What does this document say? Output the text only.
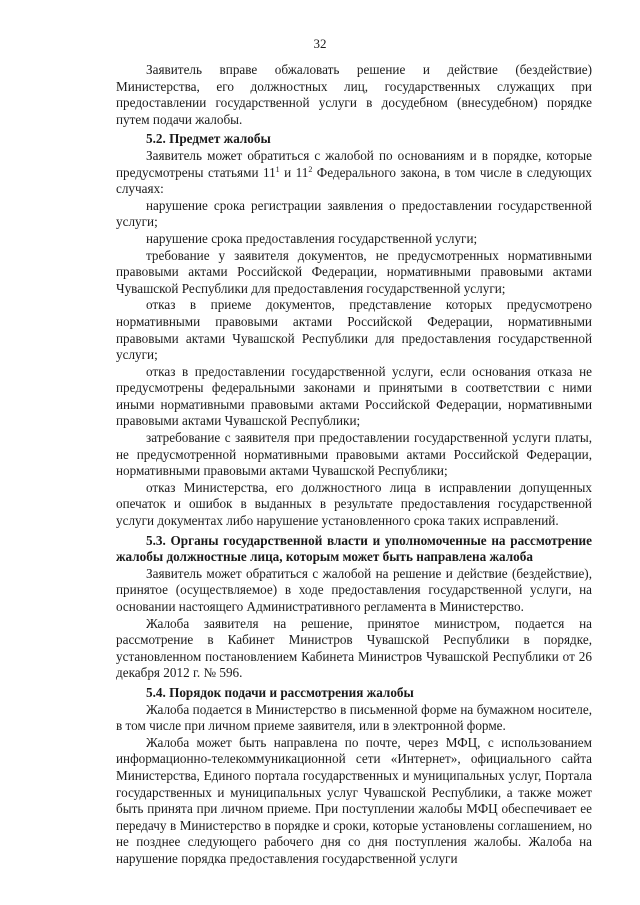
32

Заявитель вправе обжаловать решение и действие (бездействие) Министерства, его должностных лиц, государственных служащих при предоставлении государственной услуги в досудебном (внесудебном) порядке путем подачи жалобы.

5.2. Предмет жалобы

Заявитель может обратиться с жалобой по основаниям и в порядке, которые предусмотрены статьями $11^1$ и $11^2$ Федерального закона, в том числе в следующих случаях:

нарушение срока регистрации заявления о предоставлении государственной услуги;

нарушение срока предоставления государственной услуги;

требование у заявителя документов, не предусмотренных нормативными правовыми актами Российской Федерации, нормативными правовыми актами Чувашской Республики для предоставления государственной услуги;

отказ в приеме документов, представление которых предусмотрено нормативными правовыми актами Российской Федерации, нормативными правовыми актами Чувашской Республики для предоставления государственной услуги;

отказ в предоставлении государственной услуги, если основания отказа не предусмотрены федеральными законами и принятыми в соответствии с ними иными нормативными правовыми актами Российской Федерации, нормативными правовыми актами Чувашской Республики;

затребование с заявителя при предоставлении государственной услуги платы, не предусмотренной нормативными правовыми актами Российской Федерации, нормативными правовыми актами Чувашской Республики;

отказ Министерства, его должностного лица в исправлении допущенных опечаток и ошибок в выданных в результате предоставления государственной услуги документах либо нарушение установленного срока таких исправлений.

5.3. Органы государственной власти и уполномоченные на рассмотрение жалобы должностные лица, которым может быть направлена жалоба

Заявитель может обратиться с жалобой на решение и действие (бездействие), принятое (осуществляемое) в ходе предоставления государственной услуги, на основании настоящего Административного регламента в Министерство.

Жалоба заявителя на решение, принятое министром, подается на рассмотрение в Кабинет Министров Чувашской Республики в порядке, установленном постановлением Кабинета Министров Чувашской Республики от 26 декабря 2012 г. № 596.

5.4. Порядок подачи и рассмотрения жалобы

Жалоба подается в Министерство в письменной форме на бумажном носителе, в том числе при личном приеме заявителя, или в электронной форме.

Жалоба может быть направлена по почте, через МФЦ, с использованием информационно-телекоммуникационной сети «Интернет», официального сайта Министерства, Единого портала государственных и муниципальных услуг, Портала государственных и муниципальных услуг Чувашской Республики, а также может быть принята при личном приеме. При поступлении жалобы МФЦ обеспечивает ее передачу в Министерство в порядке и сроки, которые установлены соглашением, но не позднее следующего рабочего дня со дня поступления жалобы. Жалоба на нарушение порядка предоставления государственной услуги
